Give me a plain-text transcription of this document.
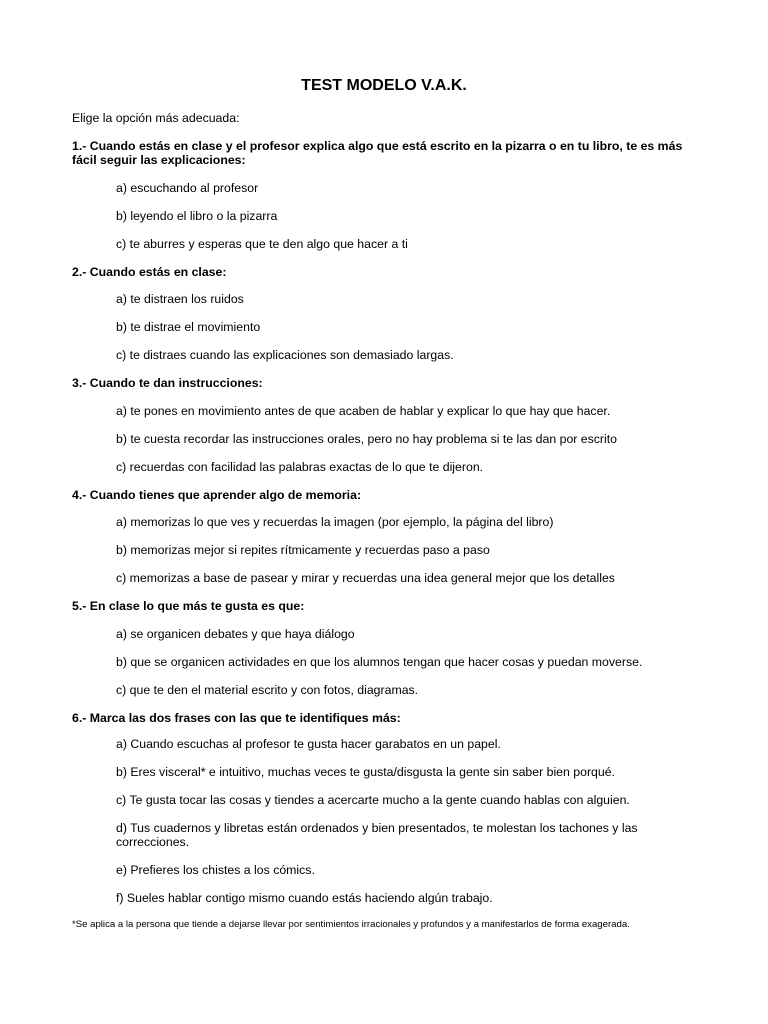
TEST MODELO V.A.K.
Elige la opción más adecuada:
1.- Cuando estás en clase y el profesor explica algo que está escrito en la pizarra o en tu libro, te es más fácil seguir las explicaciones:
a) escuchando al profesor
b) leyendo el libro o la pizarra
c) te aburres y esperas que te den algo que hacer a ti
2.- Cuando estás en clase:
a) te distraen los ruidos
b) te distrae el movimiento
c) te distraes cuando las explicaciones son demasiado largas.
3.- Cuando te dan instrucciones:
a) te pones en movimiento antes de que acaben de hablar y explicar lo que hay que hacer.
b) te cuesta recordar las instrucciones orales, pero no hay problema si te las dan por escrito
c) recuerdas con facilidad las palabras exactas de lo que te dijeron.
4.- Cuando tienes que aprender algo de memoria:
a) memorizas lo que ves y recuerdas la imagen (por ejemplo, la página del libro)
b) memorizas mejor si repites rítmicamente y recuerdas paso a paso
c) memorizas a base de pasear y mirar y recuerdas una idea general mejor que los detalles
5.- En clase lo que más te gusta es que:
a) se organicen debates y que haya diálogo
b) que se organicen actividades en que los alumnos tengan que hacer cosas y puedan moverse.
c) que te den el material escrito y con fotos, diagramas.
6.- Marca las dos frases con las que te identifiques más:
a) Cuando escuchas al profesor te gusta hacer garabatos en un papel.
b) Eres visceral* e intuitivo, muchas veces te gusta/disgusta la gente sin saber bien porqué.
c) Te gusta tocar las cosas y tiendes a acercarte mucho a la gente cuando hablas con alguien.
d) Tus cuadernos y libretas están ordenados y bien presentados, te molestan los tachones y las correcciones.
e) Prefieres los chistes a los cómics.
f) Sueles hablar contigo mismo cuando estás haciendo algún trabajo.
*Se aplica a la persona que tiende a dejarse llevar por sentimientos irracionales y profundos y a manifestarlos de forma exagerada.
